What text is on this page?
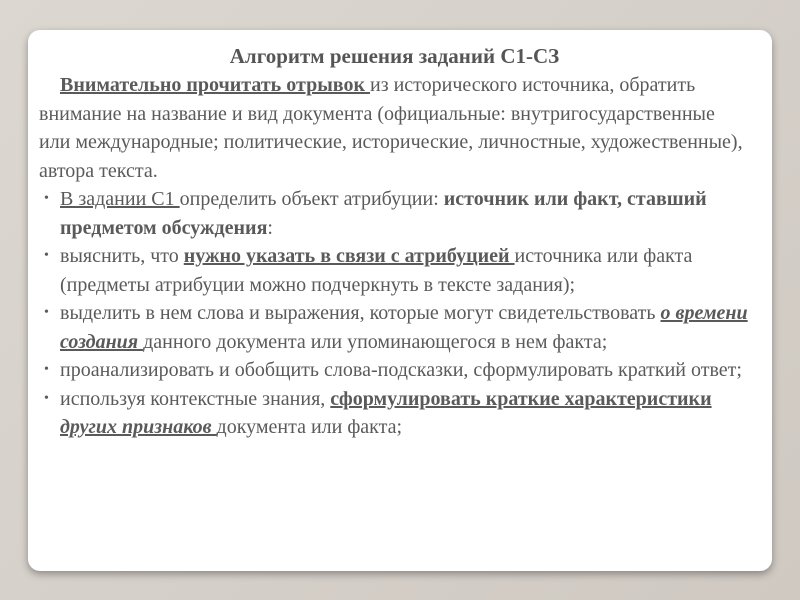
Алгоритм решения заданий С1-СЗ

Внимательно прочитать отрывок из исторического источника, обратить внимание на название и вид документа (официальные: внутригосударственные или международные; политические, исторические, личностные, художественные), автора текста.

• В задании С1 определить объект атрибуции: источник или факт, ставший предметом обсуждения:
• выяснить, что нужно указать в связи с атрибуцией источника или факта (предметы атрибуции можно подчеркнуть в тексте задания);
• выделить в нем слова и выражения, которые могут свидетельствовать о времени создания данного документа или упоминающегося в нем факта;
• проанализировать и обобщить слова-подсказки, сформулировать краткий ответ;
• используя контекстные знания, сформулировать краткие характеристики других признаков документа или факта;
